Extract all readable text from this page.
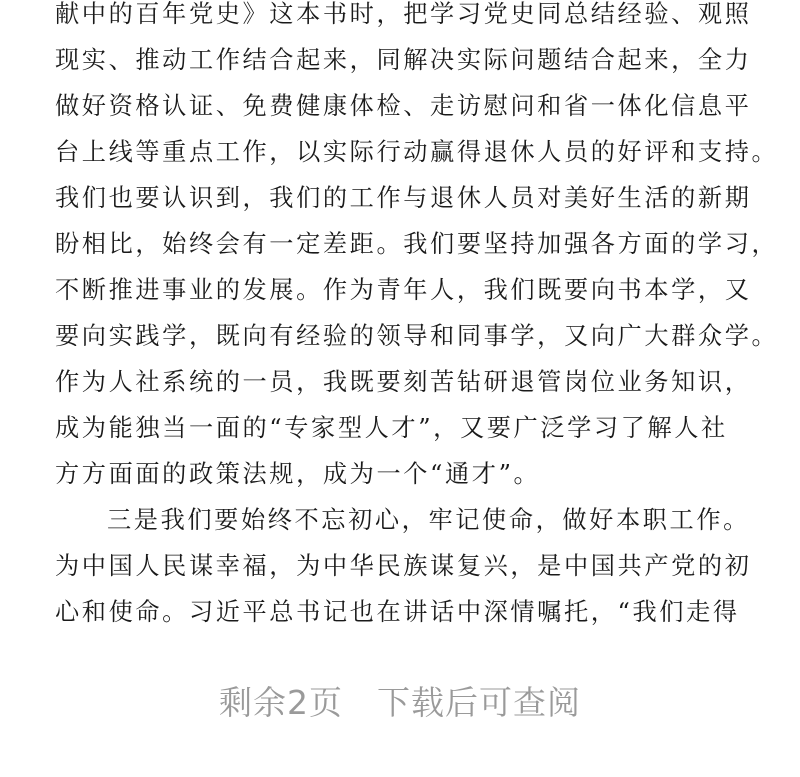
献中的百年党史》这本书时，把学习党史同总结经验、观照
现实、推动工作结合起来，同解决实际问题结合起来，全力
做好资格认证、免费健康体检、走访慰问和省一体化信息平
台上线等重点工作，以实际行动赢得退休人员的好评和支持。
我们也要认识到，我们的工作与退休人员对美好生活的新期
盼相比，始终会有一定差距。我们要坚持加强各方面的学习，
不断推进事业的发展。作为青年人，我们既要向书本学，又
要向实践学，既向有经验的领导和同事学，又向广大群众学。
作为人社系统的一员，我既要刻苦钻研退管岗位业务知识，
成为能独当一面的“专家型人才”，又要广泛学习了解人社
方方面面的政策法规，成为一个“通才”。
三是我们要始终不忘初心，牢记使命，做好本职工作。
为中国人民谋幸福，为中华民族谋复兴，是中国共产党的初
心和使命。习近平总书记也在讲话中深情嘱托，“我们走得
剩余2页 下载后可查阅
